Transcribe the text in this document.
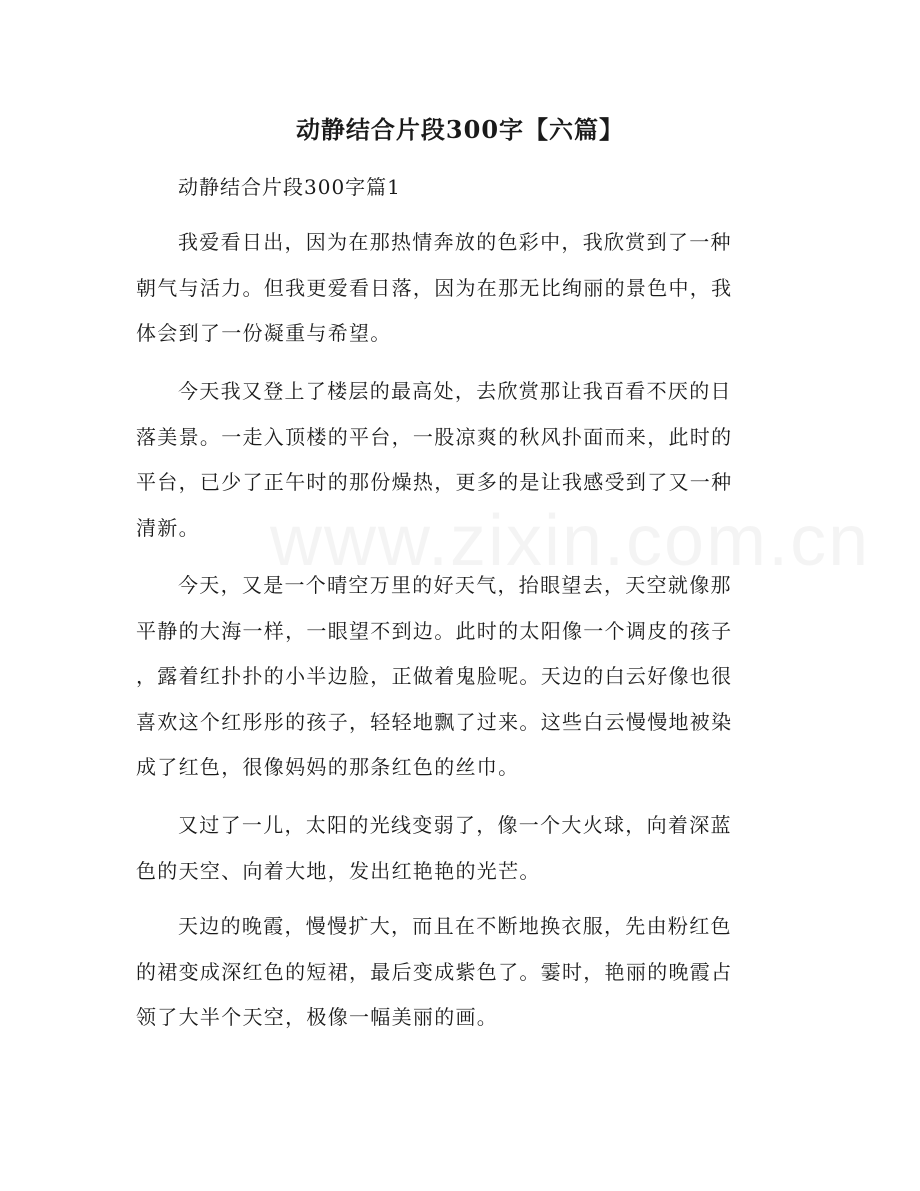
动静结合片段300字【六篇】
动静结合片段300字篇1

我爱看日出，因为在那热情奔放的色彩中，我欣赏到了一种
朝气与活力。但我更爱看日落，因为在那无比绚丽的景色中，我
体会到了一份凝重与希望。

今天我又登上了楼层的最高处，去欣赏那让我百看不厌的日
落美景。一走入顶楼的平台，一股凉爽的秋风扑面而来，此时的
平台，已少了正午时的那份燥热，更多的是让我感受到了又一种
清新。

今天，又是一个晴空万里的好天气，抬眼望去，天空就像那
平静的大海一样，一眼望不到边。此时的太阳像一个调皮的孩子
，露着红扑扑的小半边脸，正做着鬼脸呢。天边的白云好像也很
喜欢这个红彤彤的孩子，轻轻地飘了过来。这些白云慢慢地被染
成了红色，很像妈妈的那条红色的丝巾。

又过了一儿，太阳的光线变弱了，像一个大火球，向着深蓝
色的天空、向着大地，发出红艳艳的光芒。

天边的晚霞，慢慢扩大，而且在不断地换衣服，先由粉红色
的裙变成深红色的短裙，最后变成紫色了。霎时，艳丽的晚霞占
领了大半个天空，极像一幅美丽的画。
